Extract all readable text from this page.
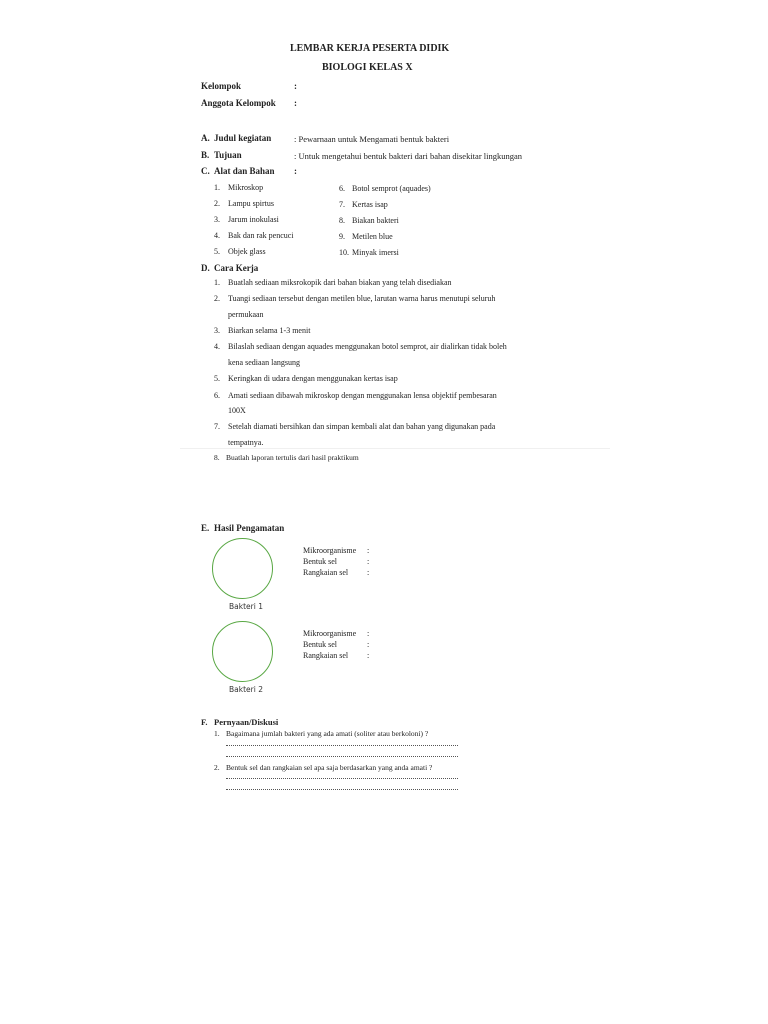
LEMBAR KERJA PESERTA DIDIK
BIOLOGI KELAS X
Kelompok	:
Anggota Kelompok :
A. Judul kegiatan	: Pewarnaan untuk Mengamati bentuk bakteri
B. Tujuan	: Untuk mengetahui bentuk bakteri dari bahan disekitar lingkungan
C. Alat dan Bahan :
1. Mikroskop
2. Lampu spirtus
3. Jarum inokulasi
4. Bak dan rak pencuci
5. Objek glass
6. Botol semprot (aquades)
7. Kertas isap
8. Biakan bakteri
9. Metilen blue
10. Minyak imersi
D. Cara Kerja
1. Buatlah sediaan miksrokopik dari bahan biakan yang telah disediakan
2. Tuangi sediaan tersebut dengan metilen blue, larutan warna harus menutupi seluruh
permukaan
3. Biarkan selama 1-3 menit
4. Bilaslah sediaan dengan aquades menggunakan botol semprot, air dialirkan tidak boleh
kena sediaan langsung
5. Keringkan di udara dengan menggunakan kertas isap
6. Amati sediaan dibawah mikroskop dengan menggunakan lensa objektif pembesaran
100X
7. Setelah diamati bersihkan dan simpan kembali alat dan bahan yang digunakan pada
tempatnya.
8. Buatlah laporan tertulis dari hasil praktikum
E. Hasil Pengamatan
Bakteri 1
Mikroorganisme :
Bentuk sel	:
Rangkaian sel :
Bakteri 2
Mikroorganisme :
Bentuk sel	:
Rangkaian sel :
F. Pernyaan/Diskusi
1. Bagaimana jumlah bakteri yang ada amati (soliter atau berkoloni) ?
2. Bentuk sel dan rangkaian sel apa saja berdasarkan yang anda amati ?
